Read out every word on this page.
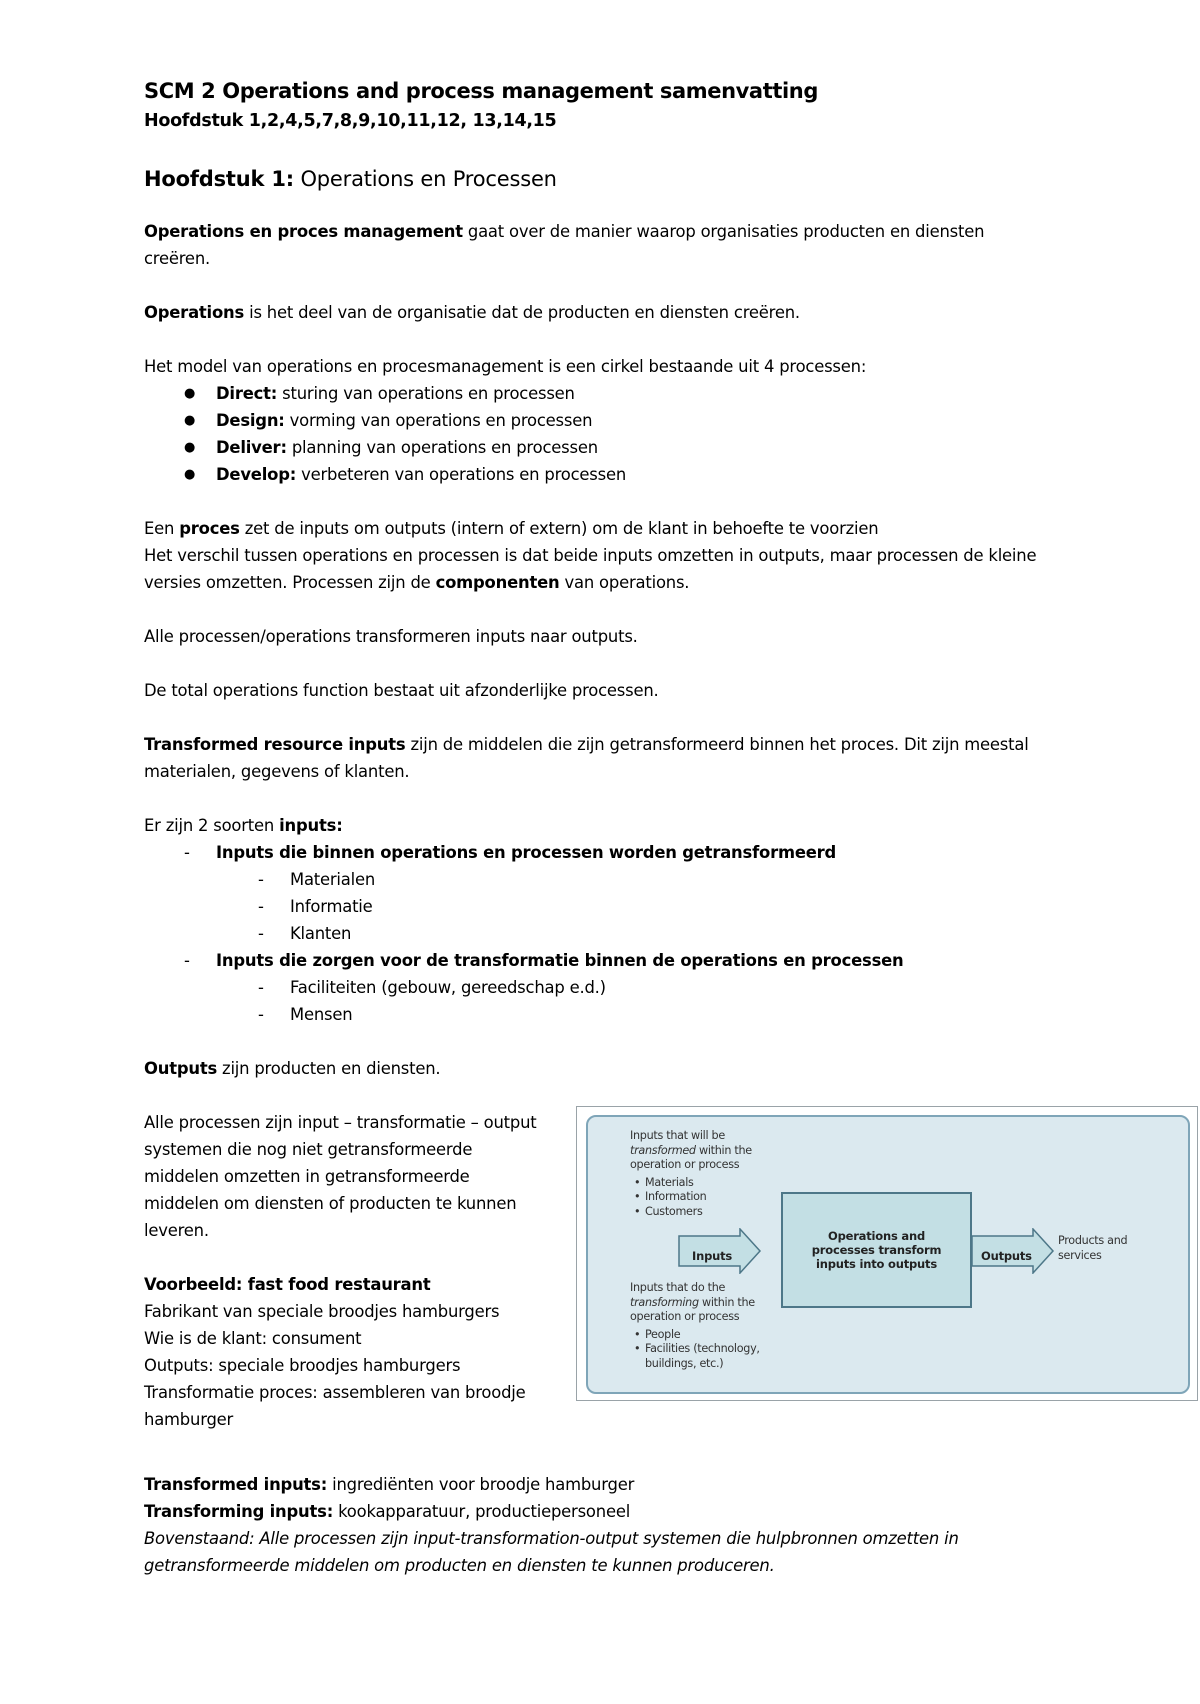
SCM 2 Operations and process management samenvatting
Hoofdstuk 1,2,4,5,7,8,9,10,11,12, 13,14,15
Hoofdstuk 1: Operations en Processen

Operations en proces management gaat over de manier waarop organisaties producten en diensten creëren.

Operations is het deel van de organisatie dat de producten en diensten creëren.

Het model van operations en procesmanagement is een cirkel bestaande uit 4 processen:

● Direct: sturing van operations en processen
● Design: vorming van operations en processen
● Deliver: planning van operations en processen
● Develop: verbeteren van operations en processen

Een proces zet de inputs om outputs (intern of extern) om de klant in behoefte te voorzien
Het verschil tussen operations en processen is dat beide inputs omzetten in outputs, maar processen de kleine versies omzetten. Processen zijn de componenten van operations.

Alle processen/operations transformeren inputs naar outputs.

De total operations function bestaat uit afzonderlijke processen.

Transformed resource inputs zijn de middelen die zijn getransformeerd binnen het proces. Dit zijn meestal materialen, gegevens of klanten.

Er zijn 2 soorten inputs:

- Inputs die binnen operations en processen worden getransformeerd
- Materialen
- Informatie
- Klanten
- Inputs die zorgen voor de transformatie binnen de operations en processen
- Faciliteiten (gebouw, gereedschap e.d.)
- Mensen

Outputs zijn producten en diensten.

Alle processen zijn input – transformatie – output systemen die nog niet getransformeerde middelen omzetten in getransformeerde middelen om diensten of producten te kunnen leveren.

Voorbeeld: fast food restaurant

Fabrikant van speciale broodjes hamburgers

Wie is de klant: consument

Outputs: speciale broodjes hamburgers

Transformatie proces: assembleren van broodje hamburger

Inputs that will be
transformed within the operation or process
• Materials
• Information
• Customers
Inputs
Operations and processes transform inputs into outputs
Outputs
Products and services
Inputs that do the
transforming within the operation or process
• People
• Facilities (technology, buildings, etc.)

Transformed inputs: ingrediënten voor broodje hamburger

Transforming inputs: kookapparatuur, productiepersoneel

Bovenstaand: Alle processen zijn input-transformation-output systemen die hulpbronnen omzetten in getransformeerde middelen om producten en diensten te kunnen produceren.
